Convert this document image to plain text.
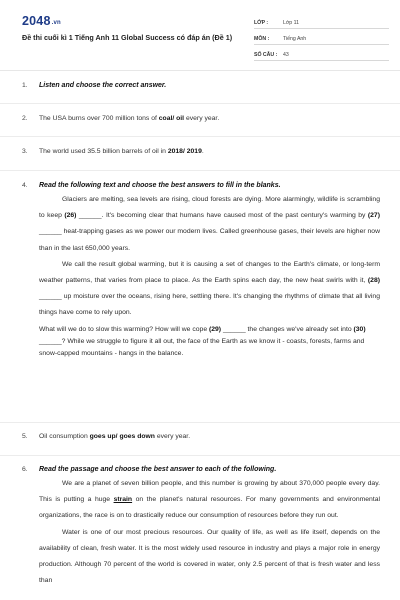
2048.vn
Đề thi cuối kì 1 Tiếng Anh 11 Global Success có đáp án (Đề 1)
LỚP :	Lớp 11
MÔN :	Tiếng Anh
SỐ CÂU :	43
1. Listen and choose the correct answer.
2. The USA burns over 700 million tons of coal/ oil every year.
3. The world used 35.5 billion barrels of oil in 2018/ 2019.
4. Read the following text and choose the best answers to fill in the blanks.

Glaciers are melting, sea levels are rising, cloud forests are dying. More alarmingly, wildlife is scrambling to keep (26) ______. It's becoming clear that humans have caused most of the past century's warming by (27) ______ heat-trapping gases as we power our modern lives. Called greenhouse gases, their levels are higher now than in the last 650,000 years.

We call the result global warming, but it is causing a set of changes to the Earth's climate, or long-term weather patterns, that varies from place to place. As the Earth spins each day, the new heat swirls with it, (28) ______ up moisture over the oceans, rising here, settling there. It's changing the rhythms of climate that all living things have come to rely upon.

What will we do to slow this warming? How will we cope (29) ______ the changes we've already set into (30) ______? While we struggle to figure it all out, the face of the Earth as we know it - coasts, forests, farms and snow-capped mountains - hangs in the balance.

5. Oil consumption goes up/ goes down every year.
6. Read the passage and choose the best answer to each of the following.

We are a planet of seven billion people, and this number is growing by about 370,000 people every day. This is putting a huge strain on the planet's natural resources. For many governments and environmental organizations, the race is on to drastically reduce our consumption of resources before they run out.

Water is one of our most precious resources. Our quality of life, as well as life itself, depends on the availability of clean, fresh water. It is the most widely used resource in industry and plays a major role in energy production. Although 70 percent of the world is covered in water, only 2.5 percent of that is fresh water and less than
